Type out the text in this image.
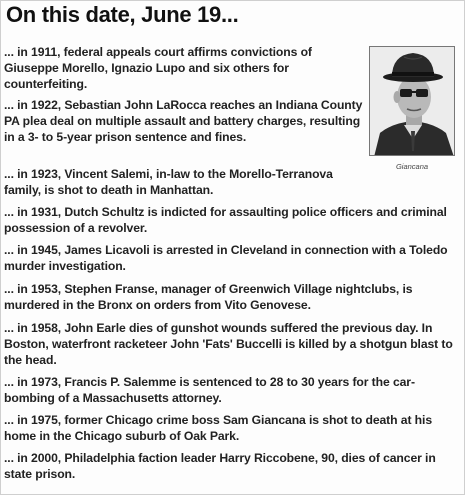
On this date, June 19...
Giancana

... in 1911, federal appeals court affirms convictions of Giuseppe Morello, Ignazio Lupo and six others for counterfeiting.

... in 1922, Sebastian John LaRocca reaches an Indiana County PA plea deal on multiple assault and battery charges, resulting in a 3- to 5-year prison sentence and fines.

... in 1923, Vincent Salemi, in-law to the Morello-Terranova family, is shot to death in Manhattan.

... in 1931, Dutch Schultz is indicted for assaulting police officers and criminal possession of a revolver.

... in 1945, James Licavoli is arrested in Cleveland in connection with a Toledo murder investigation.

... in 1953, Stephen Franse, manager of Greenwich Village nightclubs, is murdered in the Bronx on orders from Vito Genovese.

... in 1958, John Earle dies of gunshot wounds suffered the previous day. In Boston, waterfront racketeer John 'Fats' Buccelli is killed by a shotgun blast to the head.

... in 1973, Francis P. Salemme is sentenced to 28 to 30 years for the car-bombing of a Massachusetts attorney.

... in 1975, former Chicago crime boss Sam Giancana is shot to death at his home in the Chicago suburb of Oak Park.

... in 2000, Philadelphia faction leader Harry Riccobene, 90, dies of cancer in state prison.
